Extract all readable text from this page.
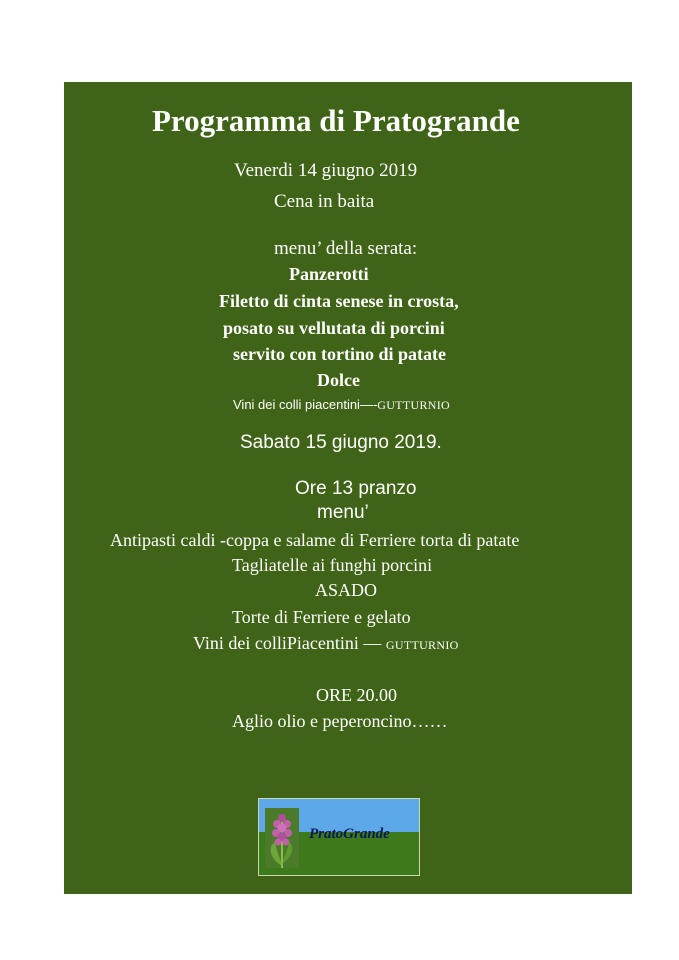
Programma di Pratogrande
Venerdi 14 giugno 2019
Cena in baita
menu’ della serata:
Panzerotti
Filetto di cinta senese in crosta,
posato su vellutata di porcini
servito con tortino di patate
Dolce
Vini dei colli piacentini—-GUTTURNIO
Sabato 15 giugno 2019.
Ore 13 pranzo
menu’
Antipasti caldi -coppa e salame di Ferriere torta di patate
Tagliatelle ai funghi porcini
ASADO
Torte di Ferriere e gelato
Vini dei colliPiacentini — GUTTURNIO
ORE 20.00
Aglio olio e peperoncino……
PratoGrande
